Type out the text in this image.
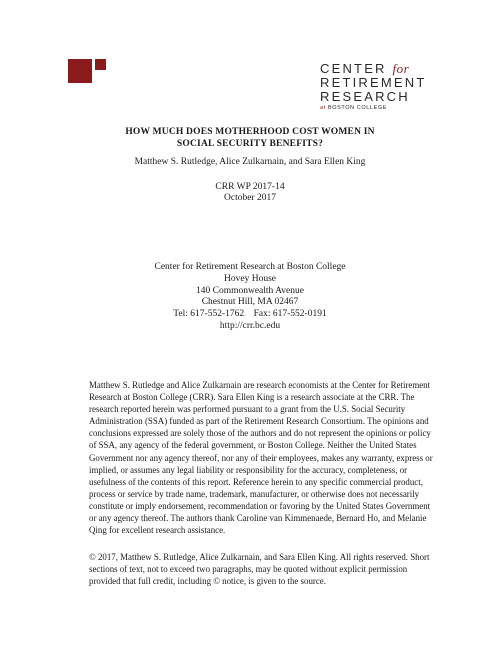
CENTER for
RETIREMENT
RESEARCH
at BOSTON COLLEGE
HOW MUCH DOES MOTHERHOOD COST WOMEN IN
SOCIAL SECURITY BENEFITS?
Matthew S. Rutledge, Alice Zulkarnain, and Sara Ellen King
CRR WP 2017-14
October 2017
Center for Retirement Research at Boston College
Hovey House
140 Commonwealth Avenue
Chestnut Hill, MA 02467
Tel: 617-552-1762    Fax: 617-552-0191
http://crr.bc.edu
Matthew S. Rutledge and Alice Zulkarnain are research economists at the Center for Retirement Research at Boston College (CRR). Sara Ellen King is a research associate at the CRR. The research reported herein was performed pursuant to a grant from the U.S. Social Security Administration (SSA) funded as part of the Retirement Research Consortium. The opinions and conclusions expressed are solely those of the authors and do not represent the opinions or policy of SSA, any agency of the federal government, or Boston College. Neither the United States Government nor any agency thereof, nor any of their employees, makes any warranty, express or implied, or assumes any legal liability or responsibility for the accuracy, completeness, or usefulness of the contents of this report. Reference herein to any specific commercial product, process or service by trade name, trademark, manufacturer, or otherwise does not necessarily constitute or imply endorsement, recommendation or favoring by the United States Government or any agency thereof. The authors thank Caroline van Kimmenaede, Bernard Ho, and Melanie Qing for excellent research assistance.
© 2017, Matthew S. Rutledge, Alice Zulkarnain, and Sara Ellen King. All rights reserved. Short sections of text, not to exceed two paragraphs, may be quoted without explicit permission provided that full credit, including © notice, is given to the source.
